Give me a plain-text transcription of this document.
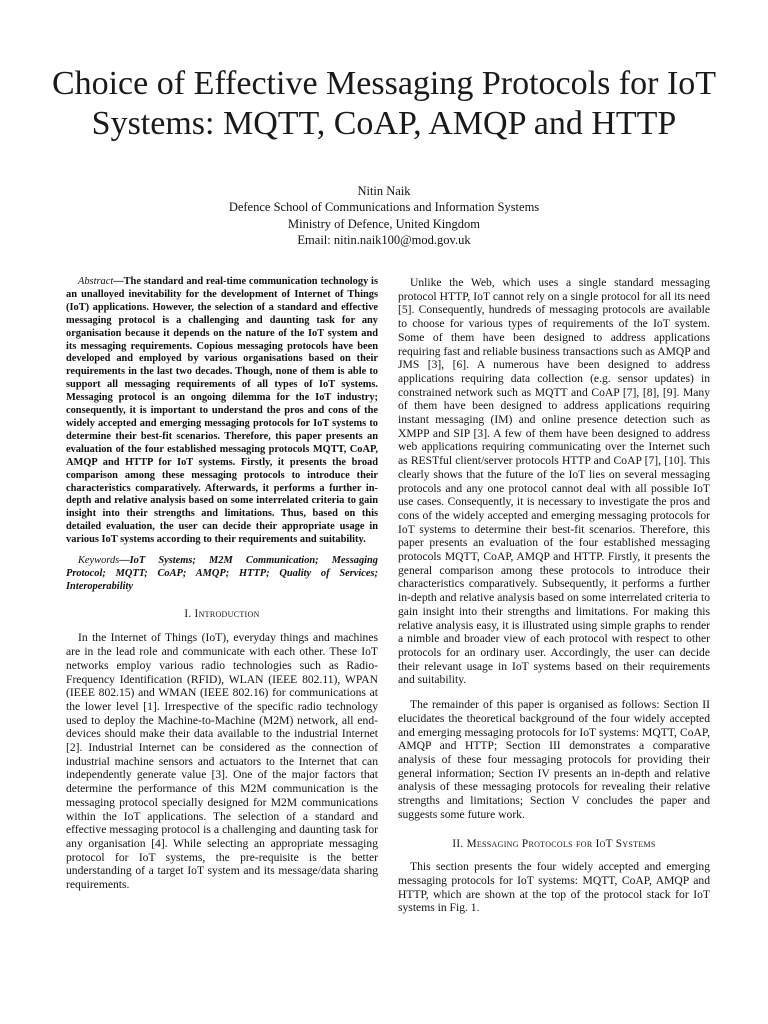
Choice of Effective Messaging Protocols for IoT
Systems: MQTT, CoAP, AMQP and HTTP
Nitin Naik
Defence School of Communications and Information Systems
Ministry of Defence, United Kingdom
Email: nitin.naik100@mod.gov.uk

Abstract—The standard and real-time communication technology is an unalloyed inevitability for the development of Internet of Things (IoT) applications. However, the selection of a standard and effective messaging protocol is a challenging and daunting task for any organisation because it depends on the nature of the IoT system and its messaging requirements. Copious messaging protocols have been developed and employed by various organisations based on their requirements in the last two decades. Though, none of them is able to support all messaging requirements of all types of IoT systems. Messaging protocol is an ongoing dilemma for the IoT industry; consequently, it is important to understand the pros and cons of the widely accepted and emerging messaging protocols for IoT systems to determine their best-fit scenarios. Therefore, this paper presents an evaluation of the four established messaging protocols MQTT, CoAP, AMQP and HTTP for IoT systems. Firstly, it presents the broad comparison among these messaging protocols to introduce their characteristics comparatively. Afterwards, it performs a further in-depth and relative analysis based on some interrelated criteria to gain insight into their strengths and limitations. Thus, based on this detailed evaluation, the user can decide their appropriate usage in various IoT systems according to their requirements and suitability.

Keywords—IoT Systems; M2M Communication; Messaging Protocol; MQTT; CoAP; AMQP; HTTP; Quality of Services; Interoperability

I. Introduction

In the Internet of Things (IoT), everyday things and machines are in the lead role and communicate with each other. These IoT networks employ various radio technologies such as Radio-Frequency Identification (RFID), WLAN (IEEE 802.11), WPAN (IEEE 802.15) and WMAN (IEEE 802.16) for communications at the lower level [1]. Irrespective of the specific radio technology used to deploy the Machine-to-Machine (M2M) network, all end-devices should make their data available to the industrial Internet [2]. Industrial Internet can be considered as the connection of industrial machine sensors and actuators to the Internet that can independently generate value [3]. One of the major factors that determine the performance of this M2M communication is the messaging protocol specially designed for M2M communications within the IoT applications. The selection of a standard and effective messaging protocol is a challenging and daunting task for any organisation [4]. While selecting an appropriate messaging protocol for IoT systems, the pre-requisite is the better understanding of a target IoT system and its message/data sharing requirements.

Unlike the Web, which uses a single standard messaging protocol HTTP, IoT cannot rely on a single protocol for all its need [5]. Consequently, hundreds of messaging protocols are available to choose for various types of requirements of the IoT system. Some of them have been designed to address applications requiring fast and reliable business transactions such as AMQP and JMS [3], [6]. A numerous have been designed to address applications requiring data collection (e.g. sensor updates) in constrained network such as MQTT and CoAP [7], [8], [9]. Many of them have been designed to address applications requiring instant messaging (IM) and online presence detection such as XMPP and SIP [3]. A few of them have been designed to address web applications requiring communicating over the Internet such as RESTful client/server protocols HTTP and CoAP [7], [10]. This clearly shows that the future of the IoT lies on several messaging protocols and any one protocol cannot deal with all possible IoT use cases. Consequently, it is necessary to investigate the pros and cons of the widely accepted and emerging messaging protocols for IoT systems to determine their best-fit scenarios. Therefore, this paper presents an evaluation of the four established messaging protocols MQTT, CoAP, AMQP and HTTP. Firstly, it presents the general comparison among these protocols to introduce their characteristics comparatively. Subsequently, it performs a further in-depth and relative analysis based on some interrelated criteria to gain insight into their strengths and limitations. For making this relative analysis easy, it is illustrated using simple graphs to render a nimble and broader view of each protocol with respect to other protocols for an ordinary user. Accordingly, the user can decide their relevant usage in IoT systems based on their requirements and suitability.

The remainder of this paper is organised as follows: Section II elucidates the theoretical background of the four widely accepted and emerging messaging protocols for IoT systems: MQTT, CoAP, AMQP and HTTP; Section III demonstrates a comparative analysis of these four messaging protocols for providing their general information; Section IV presents an in-depth and relative analysis of these messaging protocols for revealing their relative strengths and limitations; Section V concludes the paper and suggests some future work.

II. Messaging Protocols for IoT Systems

This section presents the four widely accepted and emerging messaging protocols for IoT systems: MQTT, CoAP, AMQP and HTTP, which are shown at the top of the protocol stack for IoT systems in Fig. 1.
